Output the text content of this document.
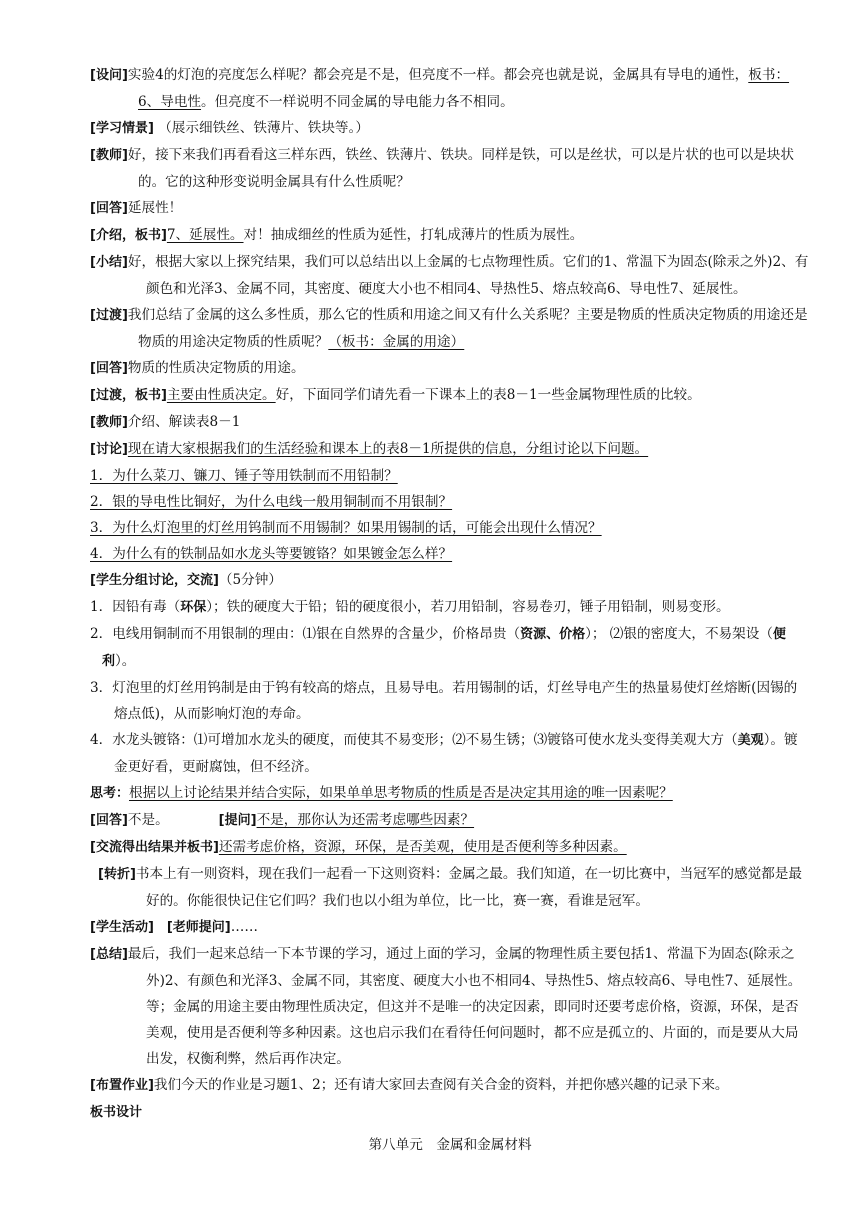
[设问]实验4的灯泡的亮度怎么样呢？都会亮是不是，但亮度不一样。都会亮也就是说，金属具有导电的通性，板书：6、导电性。但亮度不一样说明不同金属的导电能力各不相同。

[学习情景] （展示细铁丝、铁薄片、铁块等。）

[教师]好，接下来我们再看看这三样东西，铁丝、铁薄片、铁块。同样是铁，可以是丝状，可以是片状的也可以是块状的。它的这种形变说明金属具有什么性质呢？

[回答]延展性！

[介绍，板书]7、延展性。对！抽成细丝的性质为延性，打轧成薄片的性质为展性。

[小结]好，根据大家以上探究结果，我们可以总结出以上金属的七点物理性质。它们的1、常温下为固态(除汞之外)2、有颜色和光泽3、金属不同，其密度、硬度大小也不相同4、导热性5、熔点较高6、导电性7、延展性。

[过渡]我们总结了金属的这么多性质，那么它的性质和用途之间又有什么关系呢？主要是物质的性质决定物质的用途还是物质的用途决定物质的性质呢？（板书：金属的用途）

[回答]物质的性质决定物质的用途。

[过渡，板书]主要由性质决定。好，下面同学们请先看一下课本上的表8－1一些金属物理性质的比较。

[教师]介绍、解读表8－1

[讨论]现在请大家根据我们的生活经验和课本上的表8－1所提供的信息，分组讨论以下问题。

1．为什么菜刀、镰刀、锤子等用铁制而不用铅制？

2．银的导电性比铜好，为什么电线一般用铜制而不用银制？

3．为什么灯泡里的灯丝用钨制而不用锡制？如果用锡制的话，可能会出现什么情况？

4．为什么有的铁制品如水龙头等要镀铬？如果镀金怎么样？

[学生分组讨论，交流]（5分钟）

1．因铅有毒（环保）；铁的硬度大于铅；铅的硬度很小，若刀用铅制，容易卷刃，锤子用铅制，则易变形。

2．电线用铜制而不用银制的理由：⑴银在自然界的含量少，价格昂贵（资源、价格）； ⑵银的密度大，不易架设（便利）。

3．灯泡里的灯丝用钨制是由于钨有较高的熔点，且易导电。若用锡制的话，灯丝导电产生的热量易使灯丝熔断(因锡的熔点低)，从而影响灯泡的寿命。

4．水龙头镀铬：⑴可增加水龙头的硬度，而使其不易变形；⑵不易生锈；⑶镀铬可使水龙头变得美观大方（美观）。镀金更好看，更耐腐蚀，但不经济。

思考：根据以上讨论结果并结合实际，如果单单思考物质的性质是否是决定其用途的唯一因素呢？

[回答]不是。	[提问]不是，那你认为还需考虑哪些因素？

[交流得出结果并板书]还需考虑价格，资源，环保，是否美观，使用是否便利等多种因素。

[转折]书本上有一则资料，现在我们一起看一下这则资料：金属之最。我们知道，在一切比赛中，当冠军的感觉都是最好的。你能很快记住它们吗？我们也以小组为单位，比一比，赛一赛，看谁是冠军。

[学生活动] [老师提问]……

[总结]最后，我们一起来总结一下本节课的学习，通过上面的学习，金属的物理性质主要包括1、常温下为固态(除汞之外)2、有颜色和光泽3、金属不同，其密度、硬度大小也不相同4、导热性5、熔点较高6、导电性7、延展性。等；金属的用途主要由物理性质决定，但这并不是唯一的决定因素，即同时还要考虑价格，资源，环保，是否美观，使用是否便利等多种因素。这也启示我们在看待任何问题时，都不应是孤立的、片面的，而是要从大局出发，权衡利弊，然后再作决定。

[布置作业]我们今天的作业是习题1、2；还有请大家回去查阅有关合金的资料，并把你感兴趣的记录下来。

板书设计

第八单元　金属和金属材料
